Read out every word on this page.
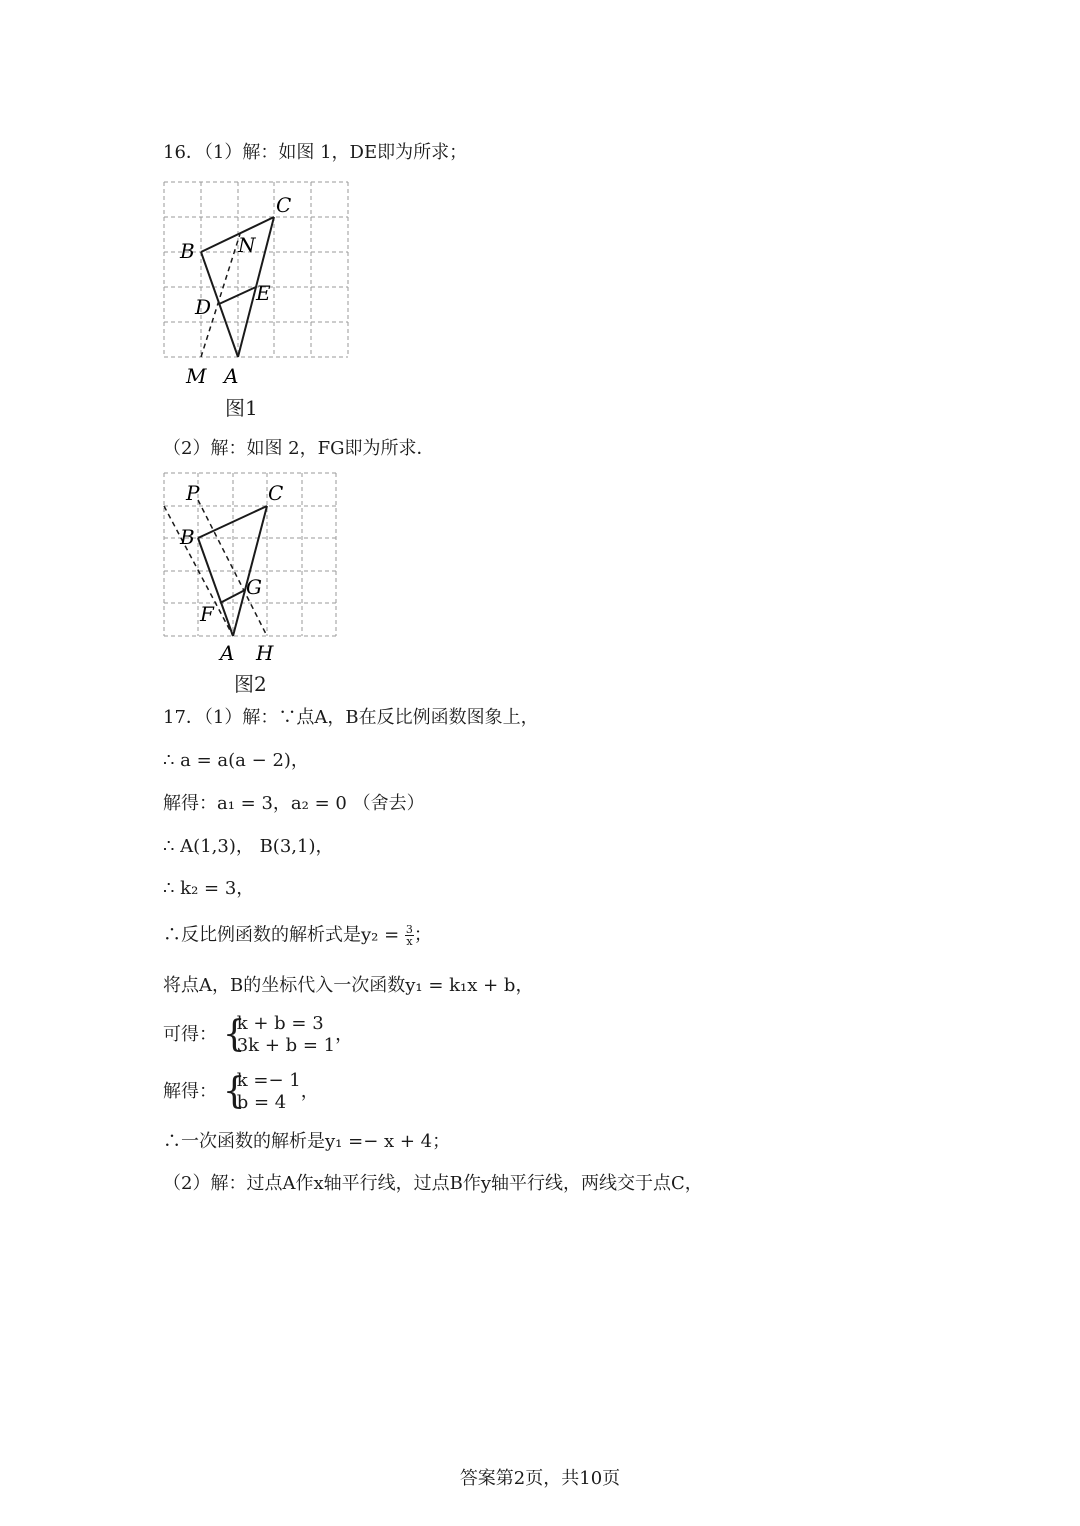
16．（1）解：如图 1，DE即为所求；
C
B N
D
E
M A
图1
（2）解：如图 2，FG即为所求．
P	C
B
G
F
A H
图2
17．（1）解：∵点A，B在反比例函数图象上，
∴ a = a(a − 2)，
解得：a₁ = 3，a₂ = 0 （舍去）
∴ A(1,3)， B(3,1)，
∴ k₂ = 3，
∴反比例函数的解析式是$y_2 = \frac{3}{x}$ ；
将点A，B的坐标代入一次函数y₁ = k₁x + b，
可得： {
k + b = 3
3k + b = 1
，
解得： {
k =− 1
b = 4
，
∴一次函数的解析是y₁ =− x + 4；
（2）解：过点A作x轴平行线，过点B作y轴平行线，两线交于点C，
答案第2页，共10页
